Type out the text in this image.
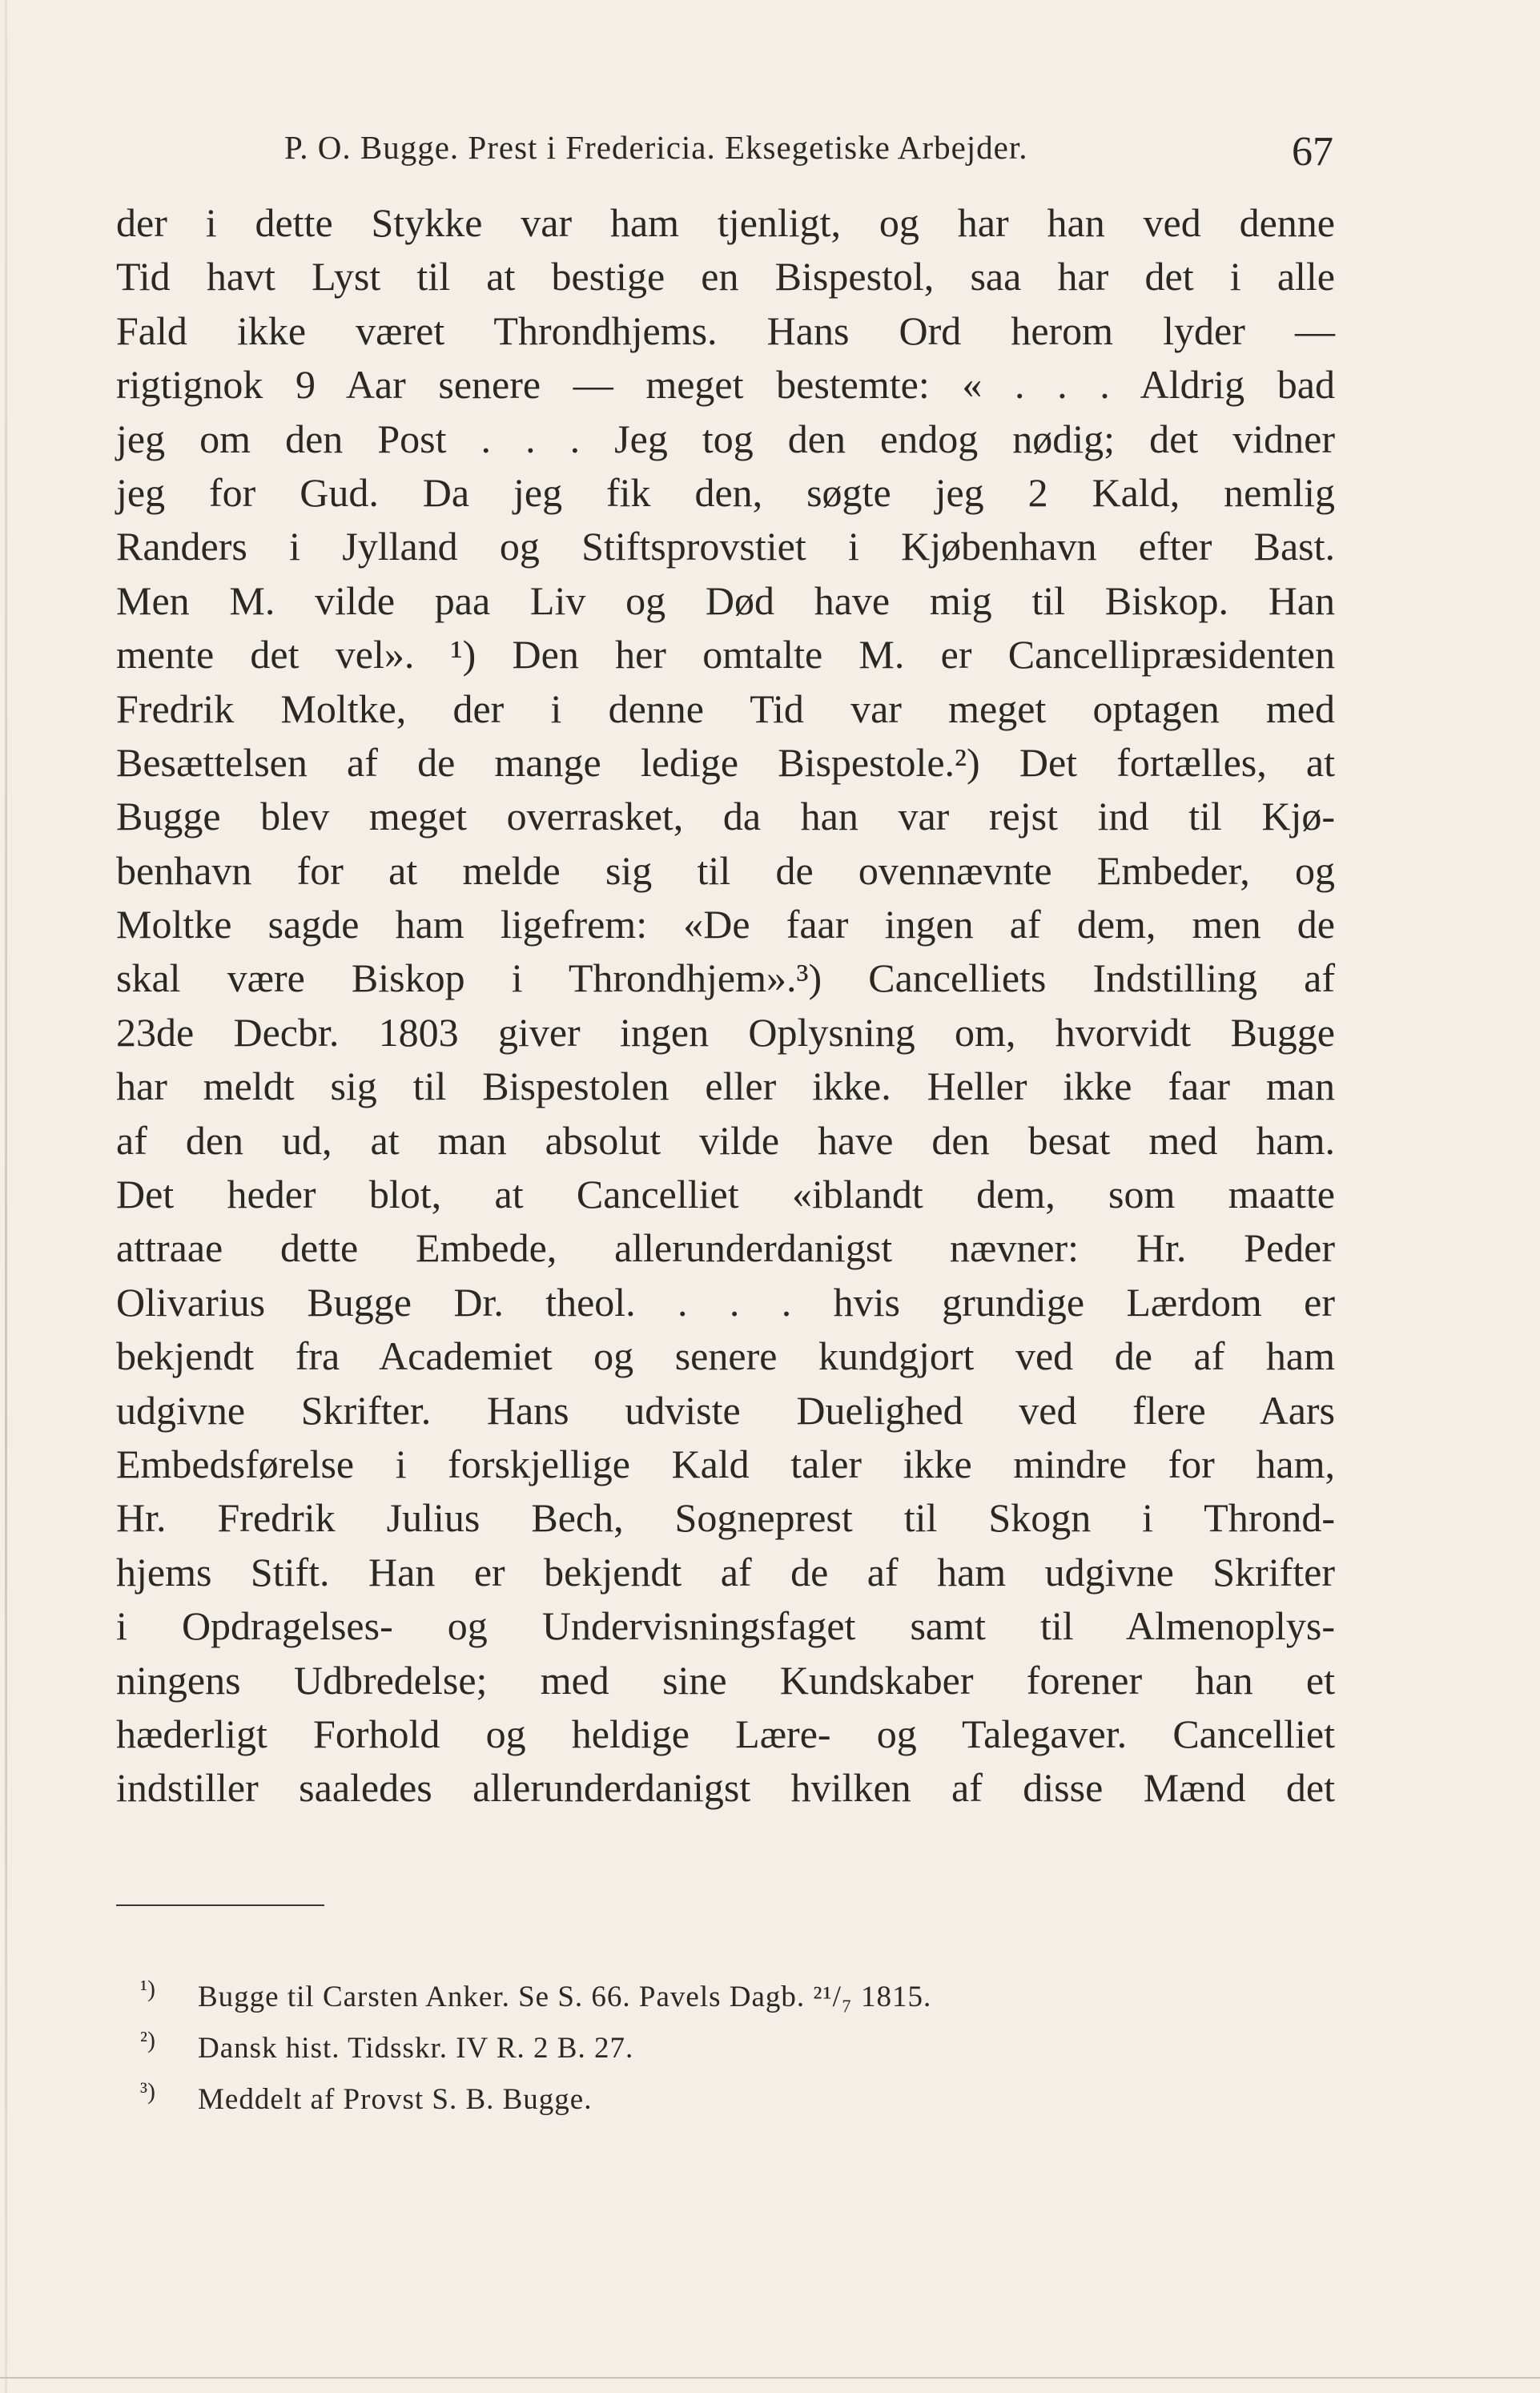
P. O. Bugge. Prest i Fredericia. Eksegetiske Arbejder.	67
der i dette Stykke var ham tjenligt, og har han ved denne
Tid havt Lyst til at bestige en Bispestol, saa har det i alle
Fald ikke været Throndhjems. Hans Ord herom lyder —
rigtignok 9 Aar senere — meget bestemte: « . . . Aldrig bad
jeg om den Post . . . Jeg tog den endog nødig; det vidner
jeg for Gud. Da jeg fik den, søgte jeg 2 Kald, nemlig
Randers i Jylland og Stiftsprovstiet i Kjøbenhavn efter Bast.
Men M. vilde paa Liv og Død have mig til Biskop. Han
mente det vel». ¹) Den her omtalte M. er Cancellipræsidenten
Fredrik Moltke, der i denne Tid var meget optagen med
Besættelsen af de mange ledige Bispestole.²) Det fortælles, at
Bugge blev meget overrasket, da han var rejst ind til Kjø-
benhavn for at melde sig til de ovennævnte Embeder, og
Moltke sagde ham ligefrem: «De faar ingen af dem, men de
skal være Biskop i Throndhjem».³) Cancelliets Indstilling af
23de Decbr. 1803 giver ingen Oplysning om, hvorvidt Bugge
har meldt sig til Bispestolen eller ikke. Heller ikke faar man
af den ud, at man absolut vilde have den besat med ham.
Det heder blot, at Cancelliet «iblandt dem, som maatte
attraae dette Embede, allerunderdanigst nævner: Hr. Peder
Olivarius Bugge Dr. theol. . . . hvis grundige Lærdom er
bekjendt fra Academiet og senere kundgjort ved de af ham
udgivne Skrifter. Hans udviste Duelighed ved flere Aars
Embedsførelse i forskjellige Kald taler ikke mindre for ham,
Hr. Fredrik Julius Bech, Sogneprest til Skogn i Thrond-
hjems Stift. Han er bekjendt af de af ham udgivne Skrifter
i Opdragelses- og Undervisningsfaget samt til Almenoplys-
ningens Udbredelse; med sine Kundskaber forener han et
hæderligt Forhold og heldige Lære- og Talegaver. Cancelliet
indstiller saaledes allerunderdanigst hvilken af disse Mænd det
¹) Bugge til Carsten Anker. Se S. 66. Pavels Dagb. ²¹/₇ 1815.
²) Dansk hist. Tidsskr. IV R. 2 B. 27.
³) Meddelt af Provst S. B. Bugge.
